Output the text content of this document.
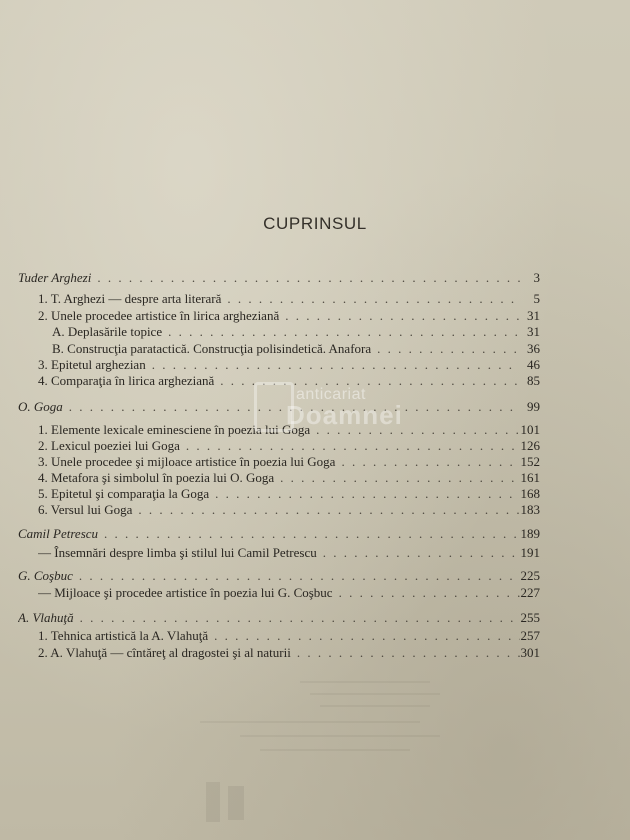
CUPRINSUL
Tuder Arghezi . . .	3
1. T. Arghezi — despre arta literară . . .	5
2. Unele procedee artistice în lirica argheziană . . .	31
A. Deplasările topice . . .	31
B. Construcţia paratactică. Construcţia polisindetică. Anafora . . .	36
3. Epitetul arghezian . . .	46
4. Comparaţia în lirica argheziană . . .	85
O. Goga . . .	99
1. Elemente lexicale eminesciene în poezia lui Goga . . .	101
2. Lexicul poeziei lui Goga . . .	126
3. Unele procedee şi mijloace artistice în poezia lui Goga . . .	152
4. Metafora şi simbolul în poezia lui O. Goga . . .	161
5. Epitetul şi comparaţia la Goga . . .	168
6. Versul lui Goga . . .	183
Camil Petrescu . . .	189
— Însemnări despre limba şi stilul lui Camil Petrescu . . .	191
G. Coşbuc . . .	225
— Mijloace şi procedee artistice în poezia lui G. Coşbuc . . .	227
A. Vlahuţă . . .	255
1. Tehnica artistică la A. Vlahuţă . . .	257
2. A. Vlahuţă — cîntăreţ al dragostei şi al naturii . . .	301
anticariat
Doamnei
